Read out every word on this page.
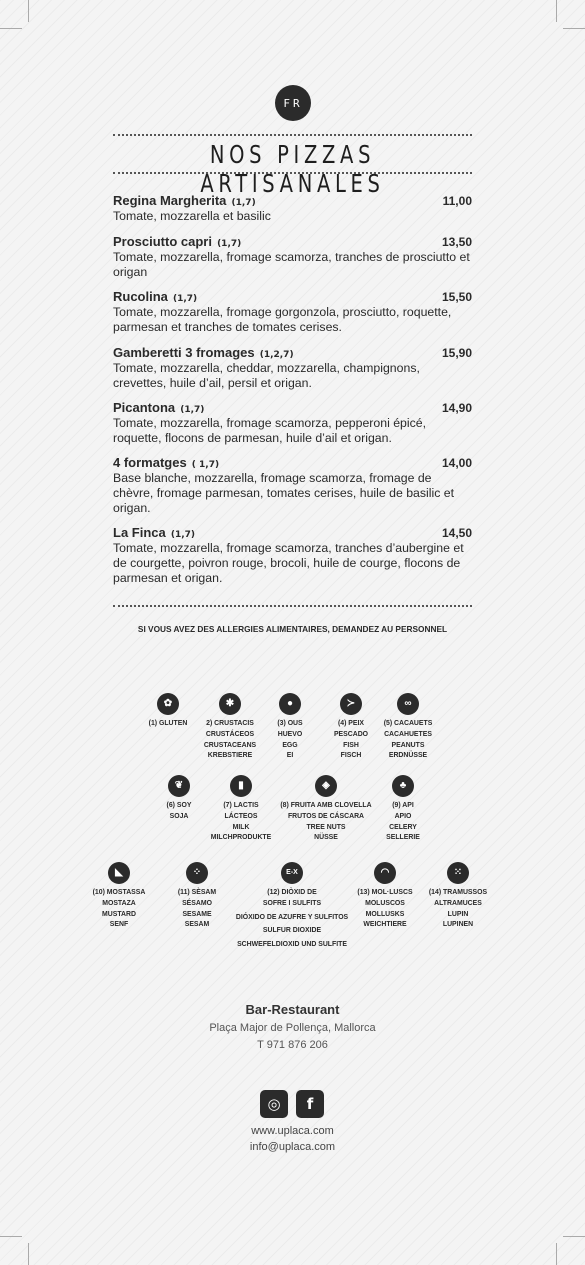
FR
NOS PIZZAS ARTISANALES
Regina Margherita (1,7)	11,00
Tomate, mozzarella et basilic
Prosciutto capri (1,7)	13,50
Tomate, mozzarella, fromage scamorza, tranches de prosciutto et origan
Rucolina (1,7)	15,50
Tomate, mozzarella, fromage gorgonzola, prosciutto, roquette, parmesan et tranches de tomates cerises.
Gamberetti 3 fromages (1,2,7)	15,90
Tomate, mozzarella, cheddar, mozzarella, champignons, crevettes, huile d’ail, persil et origan.
Picantona (1,7)	14,90
Tomate, mozzarella, fromage scamorza, pepperoni épicé, roquette, flocons de parmesan, huile d’ail et origan.
4 formatges ( 1,7)	14,00
Base blanche, mozzarella, fromage scamorza, fromage de chèvre, fromage parmesan, tomates cerises, huile de basilic et origan.
La Finca (1,7)	14,50
Tomate, mozzarella, fromage scamorza, tranches d’aubergine et de courgette, poivron rouge, brocoli, huile de courge, flocons de parmesan et origan.
SI VOUS AVEZ DES ALLERGIES ALIMENTAIRES, DEMANDEZ AU PERSONNEL
✿
(1) GLUTEN
✱
2) CRUSTACIS
CRUSTÁCEOS
CRUSTACEANS
KREBSTIERE
●
(3) OUS
HUEVO
EGG
EI
≻
(4) PEIX
PESCADO
FISH
FISCH
∞
(5) CACAUETS
CACAHUETES
PEANUTS
ERDNÜSSE
❦
(6) SOY
SOJA
▮
(7) LACTIS
LÁCTEOS
MILK
MILCHPRODUKTE
◈
(8) FRUITA AMB CLOVELLA
FRUTOS DE CÁSCARA
TREE NUTS
NÜSSE
♣
(9) API
APIO
CELERY
SELLERIE
◣
(10) MOSTASSA
MOSTAZA
MUSTARD
SENF
⁘
(11) SÈSAM
SÉSAMO
SESAME
SESAM
E-X
(12) DIÒXID DE
SOFRE I SULFITS
DIÓXIDO DE AZUFRE Y SULFITOS
SULFUR DIOXIDE
SCHWEFELDIOXID UND SULFITE
◠
(13) MOL·LUSCS
MOLUSCOS
MOLLUSKS
WEICHTIERE
⁙
(14) TRAMUSSOS
ALTRAMUCES
LUPIN
LUPINEN
Bar-Restaurant
Plaça Major de Pollença, Mallorca
T 971 876 206
◎	f
www.uplaca.com
info@uplaca.com
